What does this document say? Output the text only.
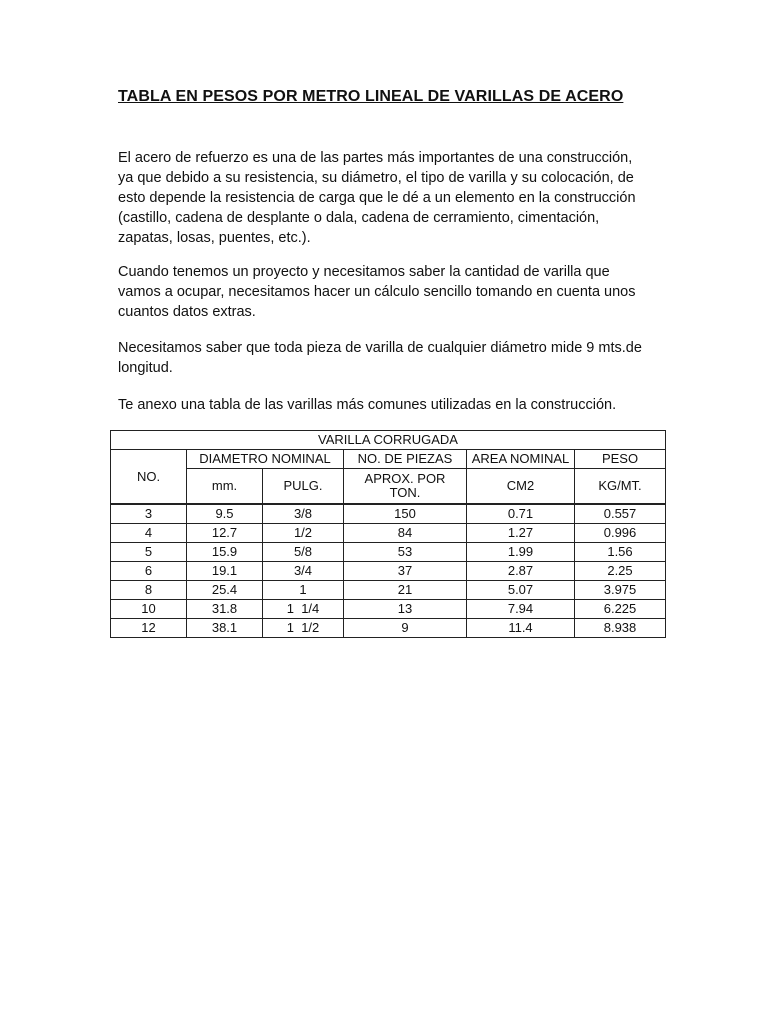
TABLA EN PESOS POR METRO LINEAL DE VARILLAS DE ACERO

El acero de refuerzo es una de las partes más importantes de una construcción,
ya que debido a su resistencia, su diámetro, el tipo de varilla y su colocación, de
esto depende la resistencia de carga que le dé a un elemento en la construcción
(castillo, cadena de desplante o dala, cadena de cerramiento, cimentación,
zapatas, losas, puentes, etc.).

Cuando tenemos un proyecto y necesitamos saber la cantidad de varilla que
vamos a ocupar, necesitamos hacer un cálculo sencillo tomando en cuenta unos
cuantos datos extras.

Necesitamos saber que toda pieza de varilla de cualquier diámetro mide 9 mts.de
longitud.

Te anexo una tabla de las varillas más comunes utilizadas en la construcción.

VARILLA CORRUGADA					
NO.	DIAMETRO NOMINAL		NO. DE PIEZAS	AREA NOMINAL	PESO
	mm.	PULG.	APROX. POR
TON.	CM2	KG/MT.
3	9.5	3/8	150	0.71	0.557
4	12.7	1/2	84	1.27	0.996
5	15.9	5/8	53	1.99	1.56
6	19.1	3/4	37	2.87	2.25
8	25.4	1	21	5.07	3.975
10	31.8	1  1/4	13	7.94	6.225
12	38.1	1  1/2	9	11.4	8.938
